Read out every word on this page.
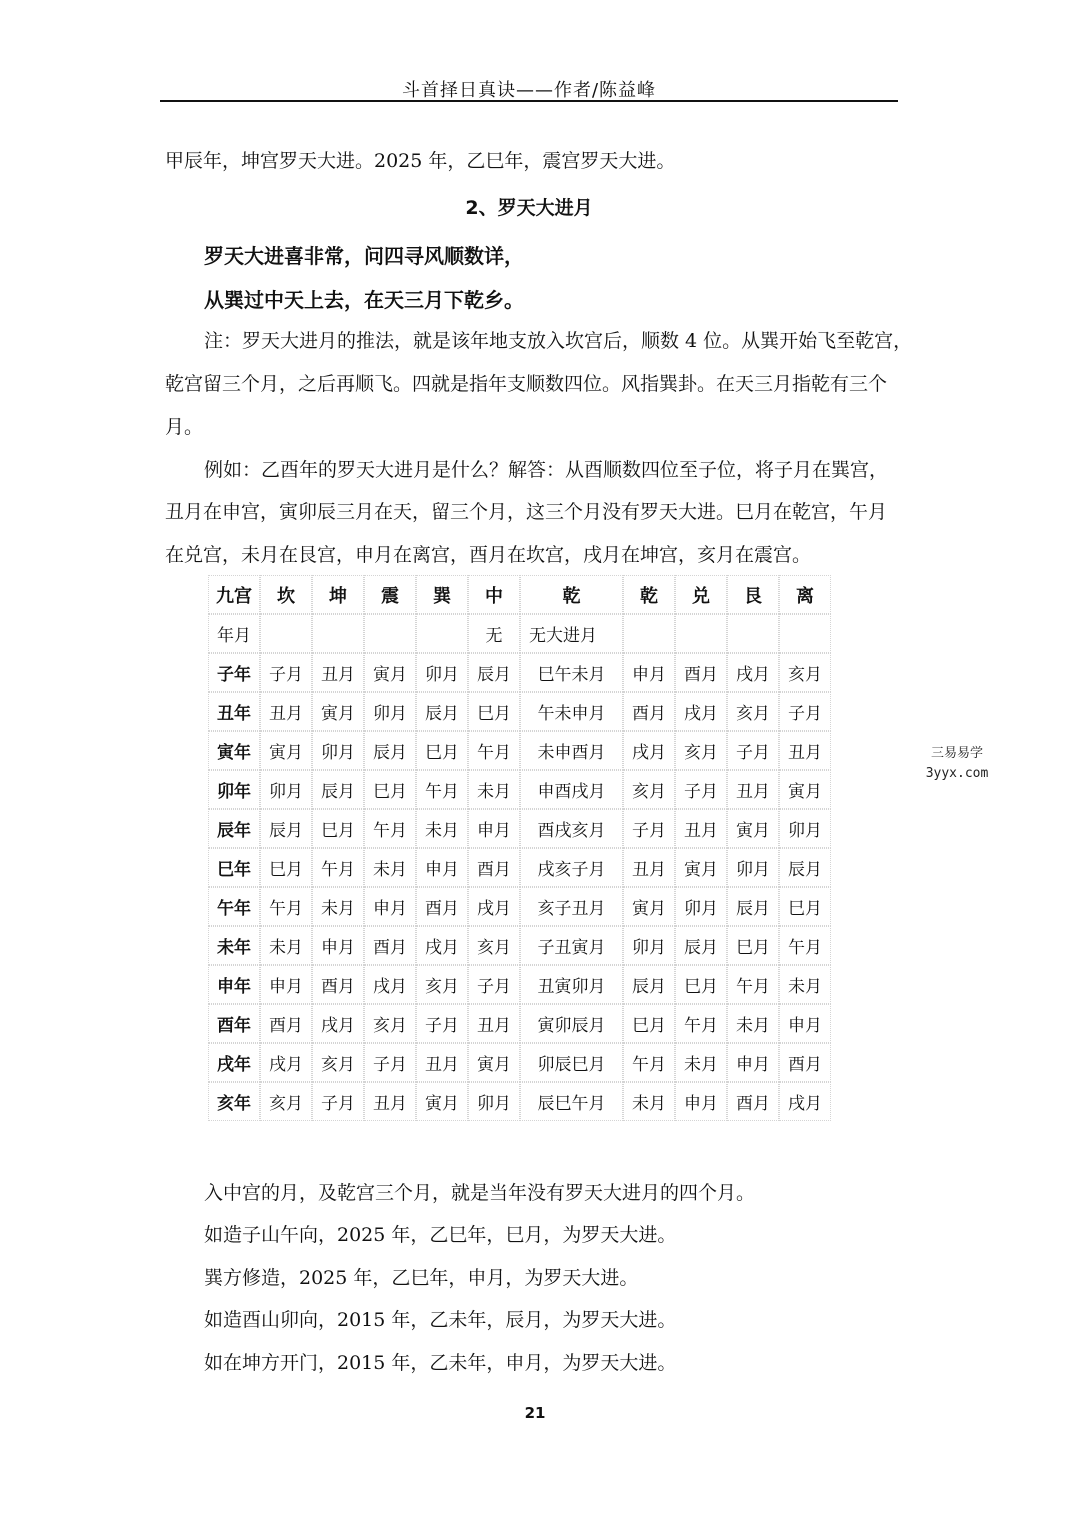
斗首择日真诀——作者/陈益峰
甲辰年，坤宫罗天大进。2025 年，乙巳年，震宫罗天大进。
2、罗天大进月
罗天大进喜非常，问四寻风顺数详，
从巽过中天上去，在天三月下乾乡。
注：罗天大进月的推法，就是该年地支放入坎宫后，顺数 4 位。从巽开始飞至乾宫，
乾宫留三个月，之后再顺飞。四就是指年支顺数四位。风指巽卦。在天三月指乾有三个
月。
例如：乙酉年的罗天大进月是什么？解答：从酉顺数四位至子位，将子月在巽宫，
丑月在申宫，寅卯辰三月在天，留三个月，这三个月没有罗天大进。巳月在乾宫，午月
在兑宫，未月在艮宫，申月在离宫，酉月在坎宫，戌月在坤宫，亥月在震宫。
九宫	坎	坤	震	巽	中	乾	乾	兑	艮	离
年月					无	无大进月				
子年	子月	丑月	寅月	卯月	辰月	巳午未月	申月	酉月	戌月	亥月
丑年	丑月	寅月	卯月	辰月	巳月	午未申月	酉月	戌月	亥月	子月
寅年	寅月	卯月	辰月	巳月	午月	未申酉月	戌月	亥月	子月	丑月
卯年	卯月	辰月	巳月	午月	未月	申酉戌月	亥月	子月	丑月	寅月
辰年	辰月	巳月	午月	未月	申月	酉戌亥月	子月	丑月	寅月	卯月
巳年	巳月	午月	未月	申月	酉月	戌亥子月	丑月	寅月	卯月	辰月
午年	午月	未月	申月	酉月	戌月	亥子丑月	寅月	卯月	辰月	巳月
未年	未月	申月	酉月	戌月	亥月	子丑寅月	卯月	辰月	巳月	午月
申年	申月	酉月	戌月	亥月	子月	丑寅卯月	辰月	巳月	午月	未月
酉年	酉月	戌月	亥月	子月	丑月	寅卯辰月	巳月	午月	未月	申月
戌年	戌月	亥月	子月	丑月	寅月	卯辰巳月	午月	未月	申月	酉月
亥年	亥月	子月	丑月	寅月	卯月	辰巳午月	未月	申月	酉月	戌月
三易易学
3yyx.com
入中宫的月，及乾宫三个月，就是当年没有罗天大进月的四个月。
如造子山午向，2025 年，乙巳年，巳月，为罗天大进。
巽方修造，2025 年，乙巳年，申月，为罗天大进。
如造酉山卯向，2015 年，乙未年，辰月，为罗天大进。
如在坤方开门，2015 年，乙未年，申月，为罗天大进。
21
